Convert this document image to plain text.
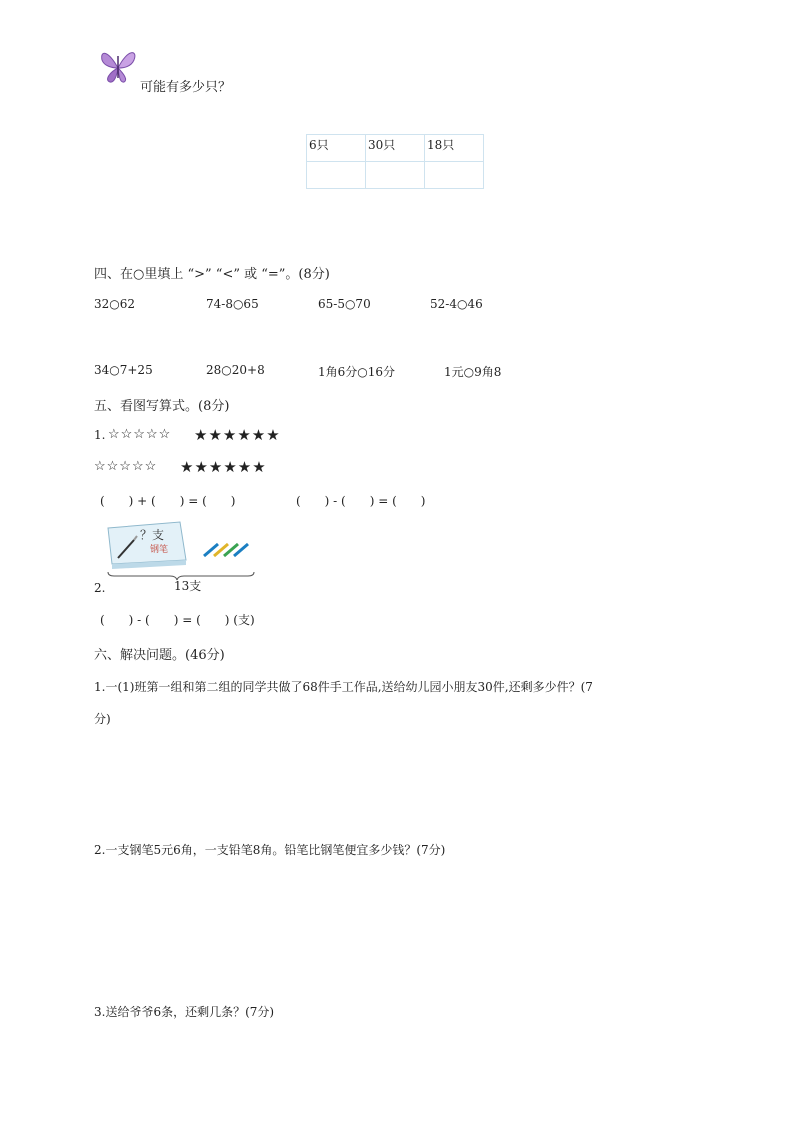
可能有多少只？
6只	30只	18只

四、在○里填上 “>” “<” 或 “=”。(8分)
32○62	74-8○65	65-5○70	52-4○46
34○7+25	28○20+8	1角6分○16分	1元○9角8
五、看图写算式。(8分)
1. ☆☆☆☆☆ ★★★★★★
☆☆☆☆☆ ★★★★★★
(　　) + (　　) = (　　)	(　　) - (　　) = (　　)
？支
钢笔
13支
2.
(　　) - (　　) = (　　) (支)
六、解决问题。(46分)
1.一(1)班第一组和第二组的同学共做了68件手工作品,送给幼儿园小朋友30件,还剩多少件？(7
分)
2.一支钢笔5元6角，一支铅笔8角。铅笔比钢笔便宜多少钱？(7分)
3.送给爷爷6条，还剩几条？(7分)
